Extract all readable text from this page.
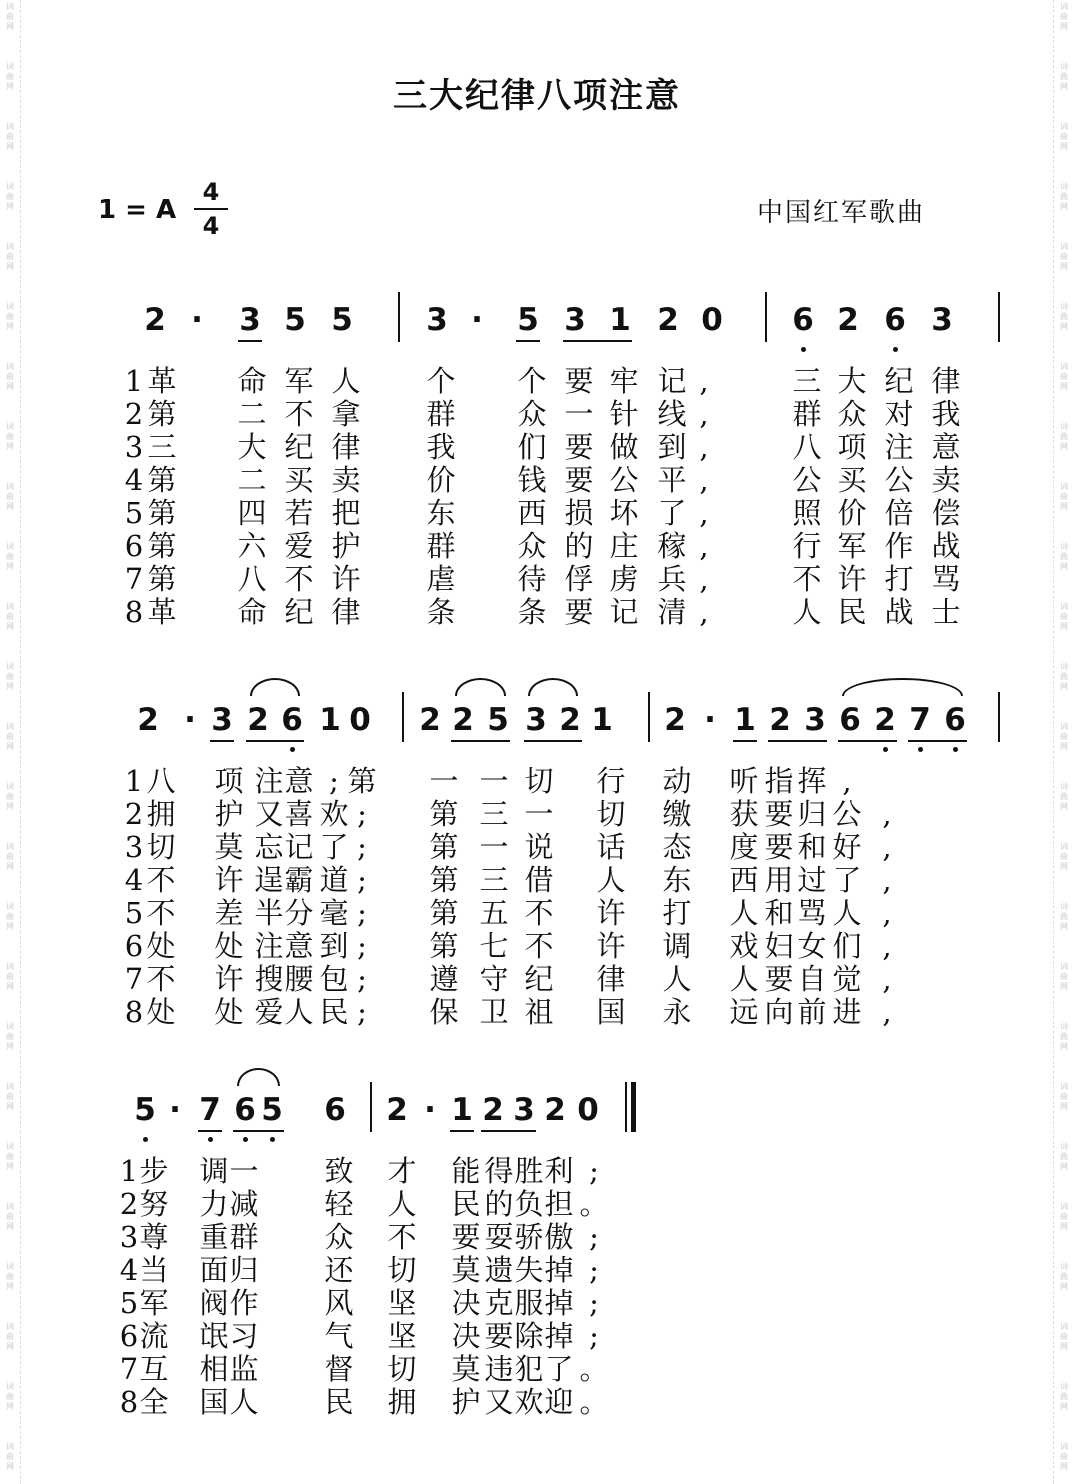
词
曲
网
词
曲
网
词
曲
网
词
曲
网
词
曲
网
词
曲
网
词
曲
网
词
曲
网
词
曲
网
词
曲
网
词
曲
网
词
曲
网
词
曲
网
词
曲
网
词
曲
网
词
曲
网
词
曲
网
词
曲
网
词
曲
网
词
曲
网
词
曲
网
词
曲
网
词
曲
网
词
曲
网
词
曲
网
词
曲
网
词
曲
网
词
曲
网
词
曲
网
词
曲
网
词
曲
网
词
曲
网
词
曲
网
词
曲
网
词
曲
网
词
曲
网
词
曲
网
词
曲
网
词
曲
网
词
曲
网
词
曲
网
词
曲
网
词
曲
网
词
曲
网
词
曲
网
词
曲
网
词
曲
网
词
曲
网
词
曲
网
词
曲
网
三大纪律八项注意
1 = A
4
4	中国红军歌曲
2 · 3 5 5 3 · 5 3 1 2 0 6 2 6 3
1 革 命 军 人 个 个 要 牢 记 ,	三 大 纪 律
2 第 二 不 拿 群 众 一 针 线 ,	群 众 对 我
3 三 大 纪 律 我 们 要 做 到 ,	八 项 注 意
4 第 二 买 卖 价 钱 要 公 平 ,	公 买 公 卖
5 第 四 若 把 东 西 损 坏 了 ,	照 价 倍 偿
6 第 六 爱 护 群 众 的 庄 稼 ,	行 军 作 战
7 第 八 不 许 虐 待 俘 虏 兵 ,	不 许 打 骂
8 革 命 纪 律 条 条 要 记 清 ,	人 民 战 士
2 · 3 2 6 1 0 2 2 5 3 2 1 2 · 1 2 3 6 2 7 6
1 八 项 注 意 ; 第 一 一 切 行 动 听 指 挥 ,
2 拥 护 又 喜 欢 ;	第 三 一 切 缴 获 要 归 公 ,
3 切 莫 忘 记 了 ;	第 一 说 话 态 度 要 和 好 ,
4 不 许 逞 霸 道 ;	第 三 借 人 东 西 用 过 了 ,
5 不 差 半 分 毫 ;	第 五 不 许 打 人 和 骂 人 ,
6 处 处 注 意 到 ;	第 七 不 许 调 戏 妇 女 们 ,
7 不 许 搜 腰 包 ;	遵 守 纪 律 人 人 要 自 觉 ,
8 处 处 爱 人 民 ;	保 卫 祖 国 永 远 向 前 进 ,
5 · 7 6 5 6 2 · 1 2 3 2 0
1 步 调 一 致 才 能 得 胜 利 ;
2 努 力 减 轻 人 民 的 负 担 。
3 尊 重 群 众 不 要 耍 骄 傲 ;
4 当 面 归 还 切 莫 遗 失 掉 ;
5 军 阀 作 风 坚 决 克 服 掉 ;
6 流 氓 习 气 坚 决 要 除 掉 ;
7 互 相 监 督 切 莫 违 犯 了 。
8 全 国 人 民 拥 护 又 欢 迎 。
